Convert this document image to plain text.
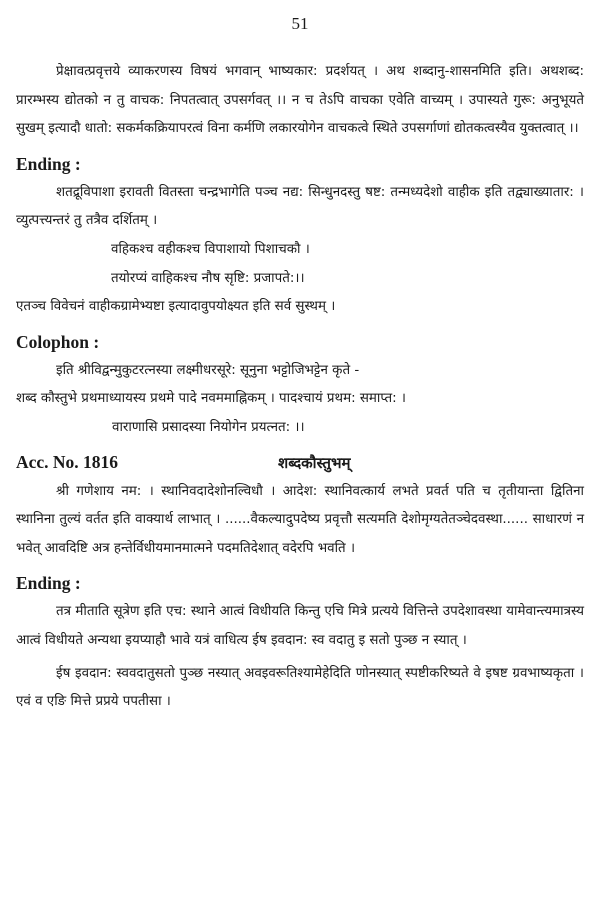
51

प्रेक्षावत्प्रवृत्तये व्याकरणस्य विषयं भगवान् भाष्यकार: प्रदर्शयत् । अथ शब्दानु-शासनमिति इति। अथशब्द: प्रारम्भस्य द्योतको न तु वाचक: निपतत्वात् उपसर्गवत् ।। न च तेऽपि वाचका एवेति वाच्यम् । उपास्यते गुरू: अनुभूयते सुखम् इत्यादौ धातो: सकर्मकक्रियापरत्वं विना कर्मणि लकारयोगेन वाचकत्वे स्थिते उपसर्गाणां द्योतकत्वस्यैव युक्तत्वात् ।।

Ending :

शतद्रूविपाशा इरावती वितस्ता चन्द्रभागेति पञ्च नद्य: सिन्धुनदस्तु षष्ट: तन्मध्यदेशो वाहीक इति तद्व्याख्यातार: । व्युत्पत्त्यन्तरं तु तत्रैव दर्शितम् ।

वहिकश्च वहीकश्च विपाशायो पिशाचकौ ।

तयोरप्यं वाहिकश्च नौष सृष्टि: प्रजापते:।।

एतञ्च विवेचनं वाहीकग्रामेभ्यष्टा इत्यादावुपयोक्ष्यत इति सर्व सुस्थम् ।

Colophon :

इति श्रीविद्वन्मुकुटरत्नस्या लक्ष्मीधरसूरे: सूनुना भट्टोजिभट्टेन कृते -

शब्द कौस्तुभे प्रथमाध्यायस्य प्रथमे पादे नवममाह्निकम् । पादश्चायं प्रथम: समाप्त: ।

वाराणासि प्रसादस्या नियोगेन प्रयत्नत: ।।

Acc. No. 1816	शब्दकौस्तुभम्

श्री गणेशाय नम: । स्थानिवदादेशोनल्विधौ । आदेश: स्थानिवत्कार्य लभते प्रवर्त पति च तृतीयान्ता द्वितिना स्थानिना तुल्यं वर्तत इति वाक्यार्थ लाभात् । ......वैकल्यादुपदेष्य प्रवृत्तौ सत्यमति देशोमृग्यतेतञ्चेदवस्था...... साधारणं न भवेत् आवदिष्टि अत्र हन्तेर्विधीयमानमात्मने पदमतिदेशात् वदेरपि भवति ।

Ending :

तत्र मीताति सूत्रेण इति एच: स्थाने आत्वं विधीयति किन्तु एचि मित्रे प्रत्यये वित्तिन्ते उपदेशावस्था यामेवान्त्यमात्रस्य आत्वं विधीयते अन्यथा इयप्याहौ भावे यत्रं वाधित्य ईष इवदान: स्व वदातु इ सतो पुञ्छ न स्यात् ।

ईष इवदान: स्ववदातुसतो पुञ्छ नस्यात् अवइवरूतिश्यामेहेदिति णोनस्यात् स्पष्टीकरिष्यते वे इषष्ट ग्रवभाष्यकृता । एवं व एङि मित्ते प्रप्रये पपतीसा ।
